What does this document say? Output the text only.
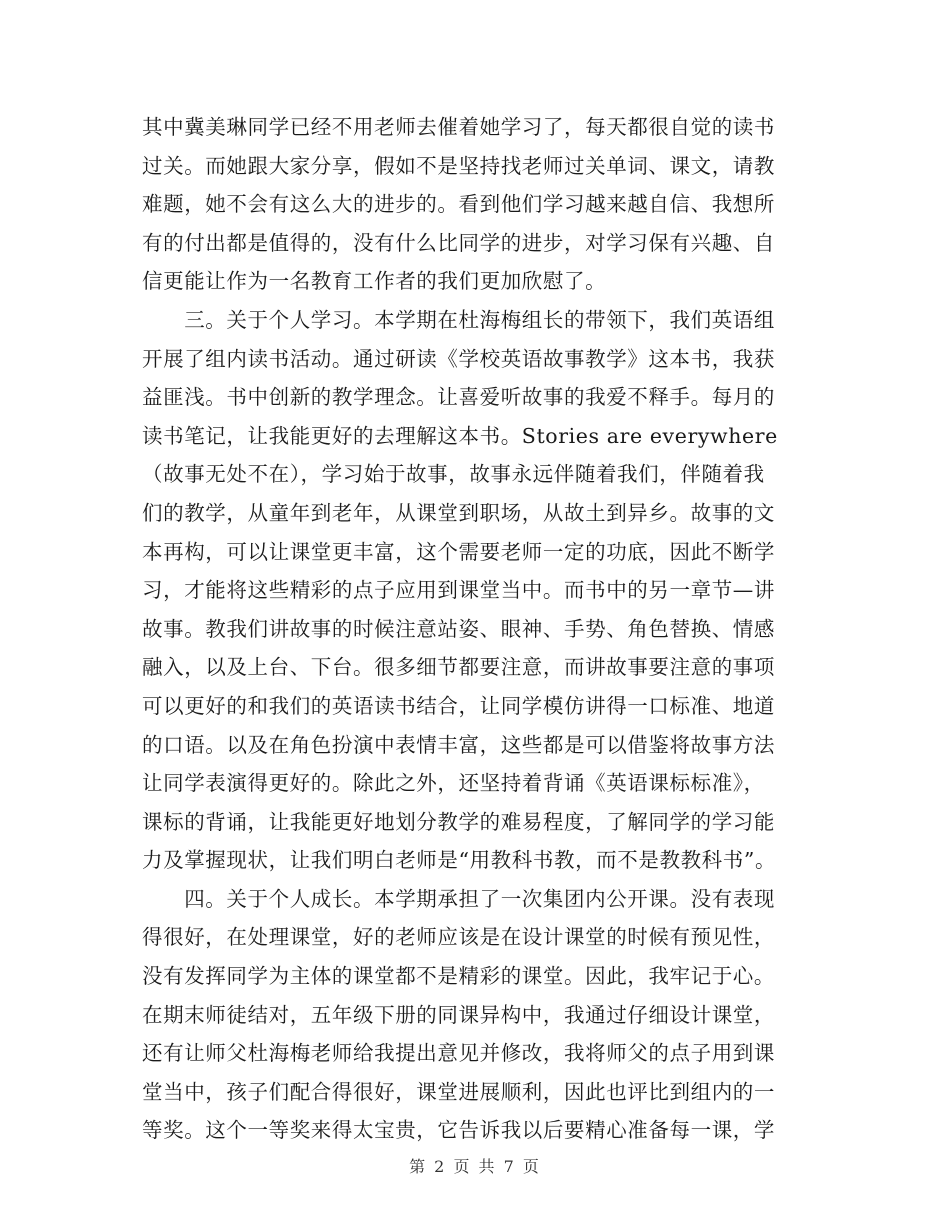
其中冀美琳同学已经不用老师去催着她学习了，每天都很自觉的读书
过关。而她跟大家分享，假如不是坚持找老师过关单词、课文，请教
难题，她不会有这么大的进步的。看到他们学习越来越自信、我想所
有的付出都是值得的，没有什么比同学的进步，对学习保有兴趣、自
信更能让作为一名教育工作者的我们更加欣慰了。
　　三。关于个人学习。本学期在杜海梅组长的带领下，我们英语组
开展了组内读书活动。通过研读《学校英语故事教学》这本书，我获
益匪浅。书中创新的教学理念。让喜爱听故事的我爱不释手。每月的
读书笔记，让我能更好的去理解这本书。Stories are everywhere
（故事无处不在），学习始于故事，故事永远伴随着我们，伴随着我
们的教学，从童年到老年，从课堂到职场，从故土到异乡。故事的文
本再构，可以让课堂更丰富，这个需要老师一定的功底，因此不断学
习，才能将这些精彩的点子应用到课堂当中。而书中的另一章节—讲
故事。教我们讲故事的时候注意站姿、眼神、手势、角色替换、情感
融入，以及上台、下台。很多细节都要注意，而讲故事要注意的事项
可以更好的和我们的英语读书结合，让同学模仿讲得一口标准、地道
的口语。以及在角色扮演中表情丰富，这些都是可以借鉴将故事方法
让同学表演得更好的。除此之外，还坚持着背诵《英语课标标准》，
课标的背诵，让我能更好地划分教学的难易程度，了解同学的学习能
力及掌握现状，让我们明白老师是“用教科书教，而不是教教科书”。
　　四。关于个人成长。本学期承担了一次集团内公开课。没有表现
得很好，在处理课堂，好的老师应该是在设计课堂的时候有预见性，
没有发挥同学为主体的课堂都不是精彩的课堂。因此，我牢记于心。
在期末师徒结对，五年级下册的同课异构中，我通过仔细设计课堂，
还有让师父杜海梅老师给我提出意见并修改，我将师父的点子用到课
堂当中，孩子们配合得很好，课堂进展顺利，因此也评比到组内的一
等奖。这个一等奖来得太宝贵，它告诉我以后要精心准备每一课，学
第 2 页 共 7 页
